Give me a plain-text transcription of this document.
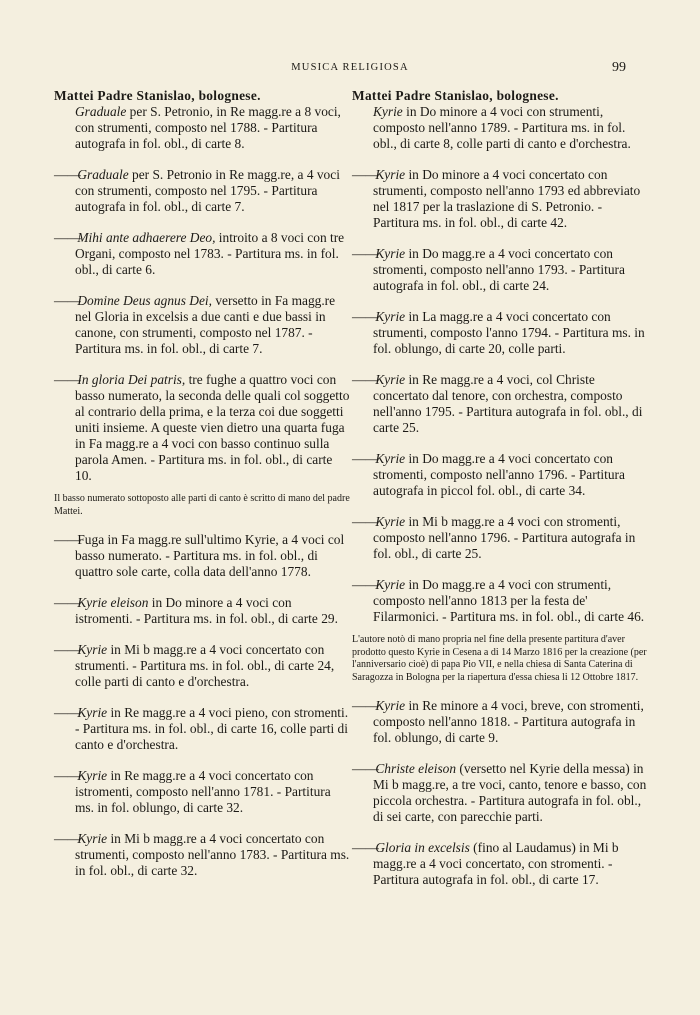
MUSICA RELIGIOSA	99
Mattei Padre Stanislao, bolognese.
Graduale per S. Petronio, in Re magg.re a 8 voci, con strumenti, composto nel 1788. - Partitura autografa in fol. obl., di carte 8.
—— Graduale per S. Petronio in Re magg.re, a 4 voci con strumenti, composto nel 1795. - Partitura autografa in fol. obl., di carte 7.
—— Mihi ante adhaerere Deo, introito a 8 voci con tre Organi, composto nel 1783. - Partitura ms. in fol. obl., di carte 6.
—— Domine Deus agnus Dei, versetto in Fa magg.re nel Gloria in excelsis a due canti e due bassi in canone, con strumenti, composto nel 1787. - Partitura ms. in fol. obl., di carte 7.
—— In gloria Dei patris, tre fughe a quattro voci con basso numerato, la seconda delle quali col soggetto al contrario della prima, e la terza coi due soggetti uniti insieme. A queste vien dietro una quarta fuga in Fa magg.re a 4 voci con basso continuo sulla parola Amen. - Partitura ms. in fol. obl., di carte 10.
Il basso numerato sottoposto alle parti di canto è scritto di mano del padre Mattei.
—— Fuga in Fa magg.re sull'ultimo Kyrie, a 4 voci col basso numerato. - Partitura ms. in fol. obl., di quattro sole carte, colla data dell'anno 1778.
—— Kyrie eleison in Do minore a 4 voci con istromenti. - Partitura ms. in fol. obl., di carte 29.
—— Kyrie in Mi b magg.re a 4 voci concertato con strumenti. - Partitura ms. in fol. obl., di carte 24, colle parti di canto e d'orchestra.
—— Kyrie in Re magg.re a 4 voci pieno, con stromenti. - Partitura ms. in fol. obl., di carte 16, colle parti di canto e d'orchestra.
—— Kyrie in Re magg.re a 4 voci concertato con istromenti, composto nell'anno 1781. - Partitura ms. in fol. oblungo, di carte 32.
—— Kyrie in Mi b magg.re a 4 voci concertato con strumenti, composto nell'anno 1783. - Partitura ms. in fol. obl., di carte 32.
Mattei Padre Stanislao, bolognese.
Kyrie in Do minore a 4 voci con strumenti, composto nell'anno 1789. - Partitura ms. in fol. obl., di carte 8, colle parti di canto e d'orchestra.
—— Kyrie in Do minore a 4 voci concertato con strumenti, composto nell'anno 1793 ed abbreviato nel 1817 per la traslazione di S. Petronio. - Partitura ms. in fol. obl., di carte 42.
—— Kyrie in Do magg.re a 4 voci concertato con stromenti, composto nell'anno 1793. - Partitura autografa in fol. obl., di carte 24.
—— Kyrie in La magg.re a 4 voci concertato con strumenti, composto l'anno 1794. - Partitura ms. in fol. oblungo, di carte 20, colle parti.
—— Kyrie in Re magg.re a 4 voci, col Christe concertato dal tenore, con orchestra, composto nell'anno 1795. - Partitura autografa in fol. obl., di carte 25.
—— Kyrie in Do magg.re a 4 voci concertato con stromenti, composto nell'anno 1796. - Partitura autografa in piccol fol. obl., di carte 34.
—— Kyrie in Mi b magg.re a 4 voci con stromenti, composto nell'anno 1796. - Partitura autografa in fol. obl., di carte 25.
—— Kyrie in Do magg.re a 4 voci con strumenti, composto nell'anno 1813 per la festa de' Filarmonici. - Partitura ms. in fol. obl., di carte 46.
L'autore notò di mano propria nel fine della presente partitura d'aver prodotto questo Kyrie in Cesena a di 14 Marzo 1816 per la creazione (per l'anniversario cioè) di papa Pio VII, e nella chiesa di Santa Caterina di Saragozza in Bologna per la riapertura d'essa chiesa li 12 Ottobre 1817.
—— Kyrie in Re minore a 4 voci, breve, con stromenti, composto nell'anno 1818. - Partitura autografa in fol. oblungo, di carte 9.
—— Christe eleison (versetto nel Kyrie della messa) in Mi b magg.re, a tre voci, canto, tenore e basso, con piccola orchestra. - Partitura autografa in fol. obl., di sei carte, con parecchie parti.
—— Gloria in excelsis (fino al Laudamus) in Mi b magg.re a 4 voci concertato, con stromenti. - Partitura autografa in fol. obl., di carte 17.
